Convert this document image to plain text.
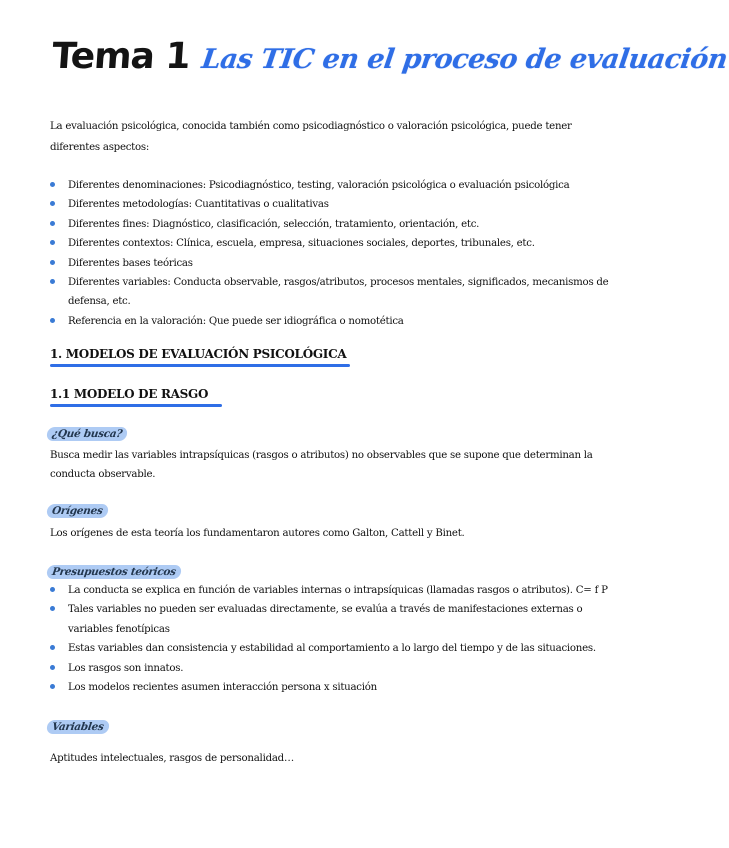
Tema 1 Las TIC en el proceso de evaluación
La evaluación psicológica, conocida también como psicodiagnóstico o valoración psicológica, puede tener diferentes aspectos:
Diferentes denominaciones: Psicodiagnóstico, testing, valoración psicológica o evaluación psicológica
Diferentes metodologías: Cuantitativas o cualitativas
Diferentes fines: Diagnóstico, clasificación, selección, tratamiento, orientación, etc.
Diferentes contextos: Clínica, escuela, empresa, situaciones sociales, deportes, tribunales, etc.
Diferentes bases teóricas
Diferentes variables: Conducta observable, rasgos/atributos, procesos mentales, significados, mecanismos de defensa, etc.
Referencia en la valoración: Que puede ser idiográfica o nomotética
1. MODELOS DE EVALUACIÓN PSICOLÓGICA
1.1 MODELO DE RASGO
¿Qué busca?
Busca medir las variables intrapsíquicas (rasgos o atributos) no observables que se supone que determinan la conducta observable.
Orígenes
Los orígenes de esta teoría los fundamentaron autores como Galton, Cattell y Binet.
Presupuestos teóricos
La conducta se explica en función de variables internas o intrapsíquicas (llamadas rasgos o atributos). C= f P
Tales variables no pueden ser evaluadas directamente, se evalúa a través de manifestaciones externas o variables fenotípicas
Estas variables dan consistencia y estabilidad al comportamiento a lo largo del tiempo y de las situaciones.
Los rasgos son innatos.
Los modelos recientes asumen interacción persona x situación
Variables
Aptitudes intelectuales, rasgos de personalidad…
